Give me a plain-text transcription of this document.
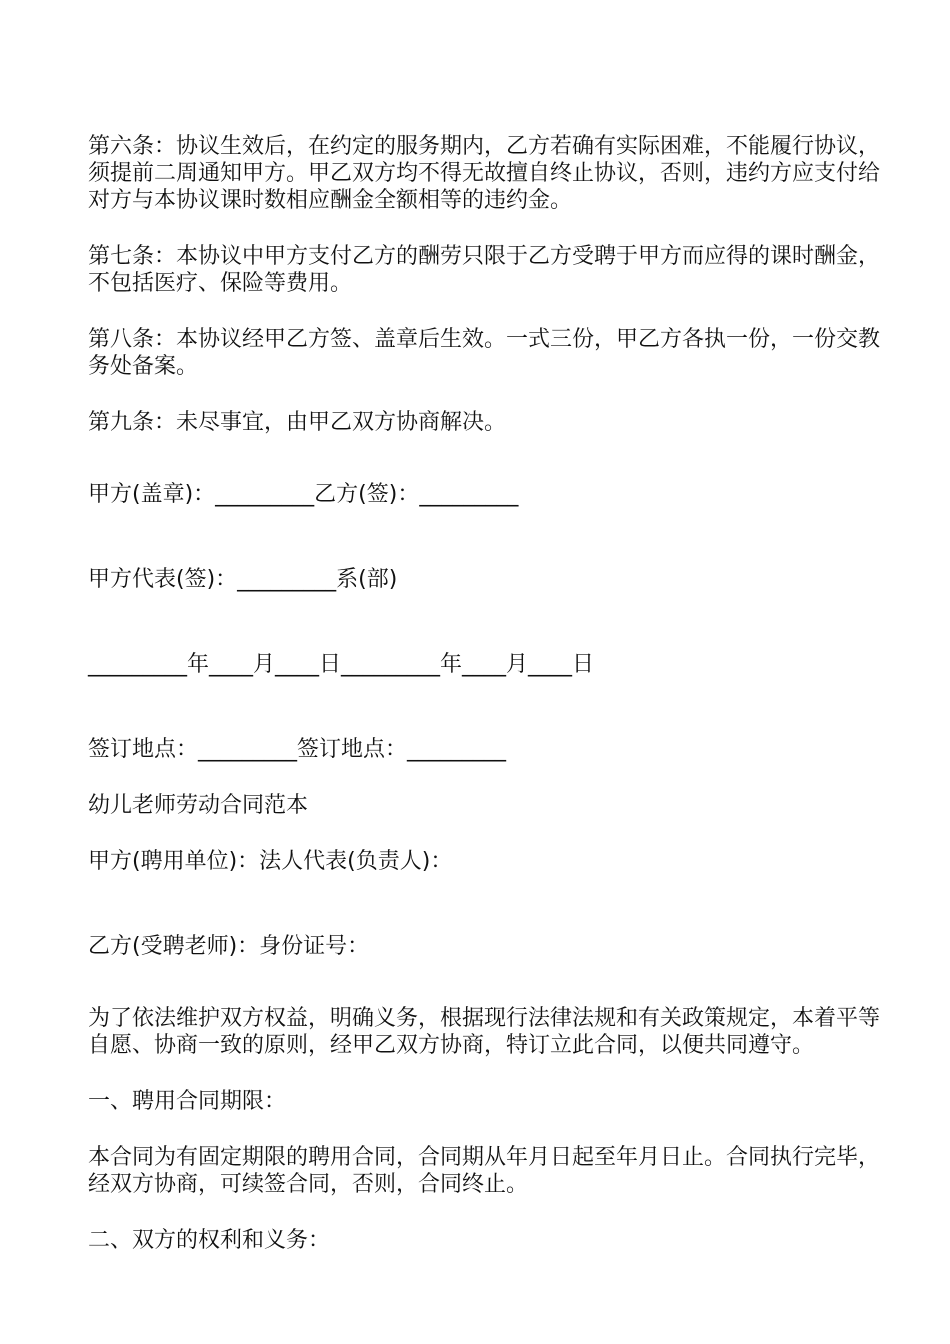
第六条：协议生效后，在约定的服务期内，乙方若确有实际困难，不能履行协议，须提前二周通知甲方。甲乙双方均不得无故擅自终止协议，否则，违约方应支付给对方与本协议课时数相应酬金全额相等的违约金。

第七条：本协议中甲方支付乙方的酬劳只限于乙方受聘于甲方而应得的课时酬金，不包括医疗、保险等费用。

第八条：本协议经甲乙方签、盖章后生效。一式三份，甲乙方各执一份，一份交教务处备案。

第九条：未尽事宜，由甲乙双方协商解决。

甲方(盖章)：_________乙方(签)：_________

甲方代表(签)：_________系(部)

_________年____月____日_________年____月____日

签订地点：_________签订地点：_________

幼儿老师劳动合同范本

甲方(聘用单位)：法人代表(负责人)：

乙方(受聘老师)：身份证号：

为了依法维护双方权益，明确义务，根据现行法律法规和有关政策规定，本着平等自愿、协商一致的原则，经甲乙双方协商，特订立此合同，以便共同遵守。

一、聘用合同期限：

本合同为有固定期限的聘用合同，合同期从年月日起至年月日止。合同执行完毕，经双方协商，可续签合同，否则，合同终止。

二、双方的权利和义务：
